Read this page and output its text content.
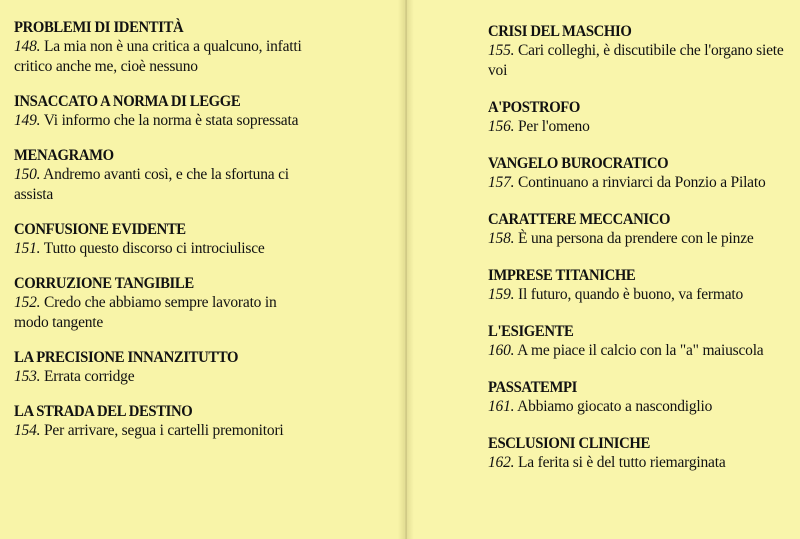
PROBLEMI DI IDENTITÀ
148. La mia non è una critica a qualcuno, infatti critico anche me, cioè nessuno
INSACCATO A NORMA DI LEGGE
149. Vi informo che la norma è stata sopressata
MENAGRAMO
150. Andremo avanti così, e che la sfortuna ci assista
CONFUSIONE EVIDENTE
151. Tutto questo discorso ci introciulisce
CORRUZIONE TANGIBILE
152. Credo che abbiamo sempre lavorato in modo tangente
LA PRECISIONE INNANZITUTTO
153. Errata corridge
LA STRADA DEL DESTINO
154. Per arrivare, segua i cartelli premonitori
CRISI DEL MASCHIO
155. Cari colleghi, è discutibile che l'organo siete voi
A'POSTROFO
156. Per l'omeno
VANGELO BUROCRATICO
157. Continuano a rinviarci da Ponzio a Pilato
CARATTERE MECCANICO
158. È una persona da prendere con le pinze
IMPRESE TITANICHE
159. Il futuro, quando è buono, va fermato
L'ESIGENTE
160. A me piace il calcio con la "a" maiuscola
PASSATEMPI
161. Abbiamo giocato a nascondiglio
ESCLUSIONI CLINICHE
162. La ferita si è del tutto riemarginata
